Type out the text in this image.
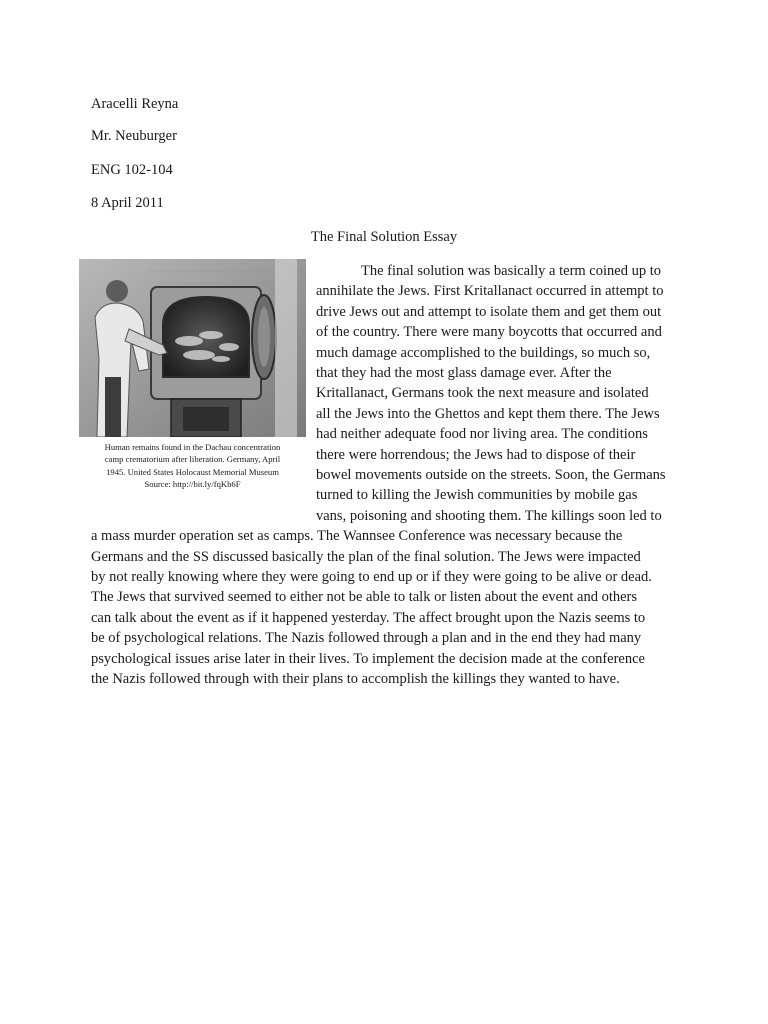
Aracelli Reyna
Mr. Neuburger
ENG 102-104
8 April 2011
The Final Solution Essay
Human remains found in the Dachau concentration
camp crematorium after liberation. Germany, April
1945. United States Holocaust Memorial Museum
Source: http://bit.ly/fqKb6F
The final solution was basically a term coined up to
annihilate the Jews. First Kritallanact occurred in attempt to
drive Jews out and attempt to isolate them and get them out
of the country. There were many boycotts that occurred and
much damage accomplished to the buildings, so much so,
that they had the most glass damage ever. After the
Kritallanact, Germans took the next measure and isolated
all the Jews into the Ghettos and kept them there. The Jews
had neither adequate food nor living area. The conditions
there were horrendous; the Jews had to dispose of their
bowel movements outside on the streets. Soon, the Germans
turned to killing the Jewish communities by mobile gas
vans, poisoning and shooting them. The killings soon led to
a mass murder operation set as camps. The Wannsee Conference was necessary because the
Germans and the SS discussed basically the plan of the final solution. The Jews were impacted
by not really knowing where they were going to end up or if they were going to be alive or dead.
The Jews that survived seemed to either not be able to talk or listen about the event and others
can talk about the event as if it happened yesterday. The affect brought upon the Nazis seems to
be of psychological relations. The Nazis followed through a plan and in the end they had many
psychological issues arise later in their lives. To implement the decision made at the conference
the Nazis followed through with their plans to accomplish the killings they wanted to have.
